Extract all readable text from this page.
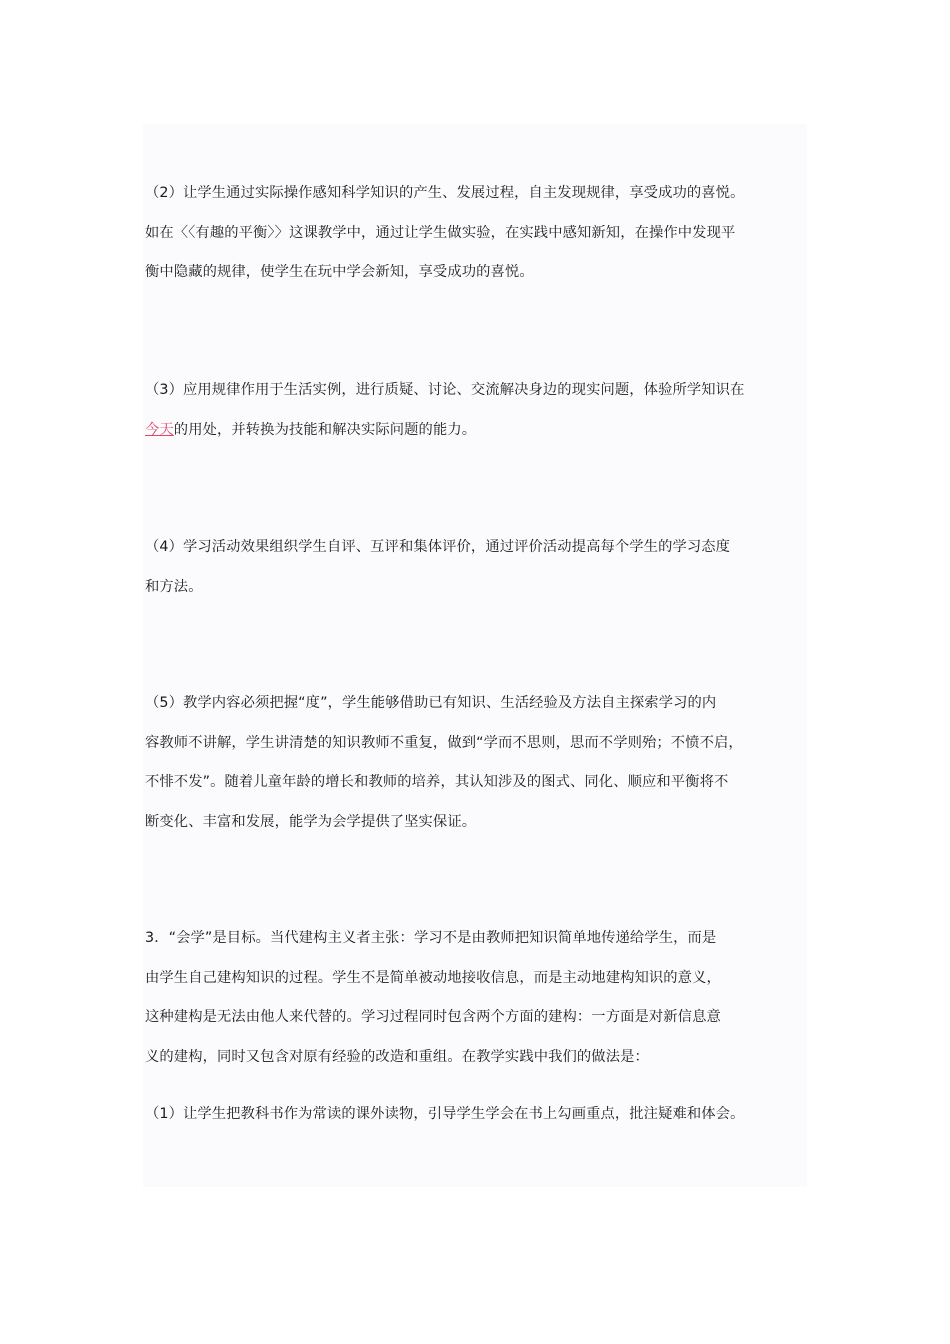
（2）让学生通过实际操作感知科学知识的产生、发展过程，自主发现规律，享受成功的喜悦。
如在〈〈有趣的平衡〉〉这课教学中，通过让学生做实验，在实践中感知新知，在操作中发现平
衡中隐藏的规律，使学生在玩中学会新知，享受成功的喜悦。

（3）应用规律作用于生活实例，进行质疑、讨论、交流解决身边的现实问题，体验所学知识在
今天的用处，并转换为技能和解决实际问题的能力。

（4）学习活动效果组织学生自评、互评和集体评价，通过评价活动提高每个学生的学习态度
和方法。

（5）教学内容必须把握“度”，学生能够借助已有知识、生活经验及方法自主探索学习的内
容教师不讲解，学生讲清楚的知识教师不重复，做到“学而不思则，思而不学则殆；不愤不启，
不悱不发”。随着儿童年龄的增长和教师的培养，其认知涉及的图式、同化、顺应和平衡将不
断变化、丰富和发展，能学为会学提供了坚实保证。

3．“会学”是目标。当代建构主义者主张：学习不是由教师把知识简单地传递给学生，而是
由学生自己建构知识的过程。学生不是简单被动地接收信息，而是主动地建构知识的意义，
这种建构是无法由他人来代替的。学习过程同时包含两个方面的建构：一方面是对新信息意
义的建构，同时又包含对原有经验的改造和重组。在教学实践中我们的做法是：

（1）让学生把教科书作为常读的课外读物，引导学生学会在书上勾画重点，批注疑难和体会。
